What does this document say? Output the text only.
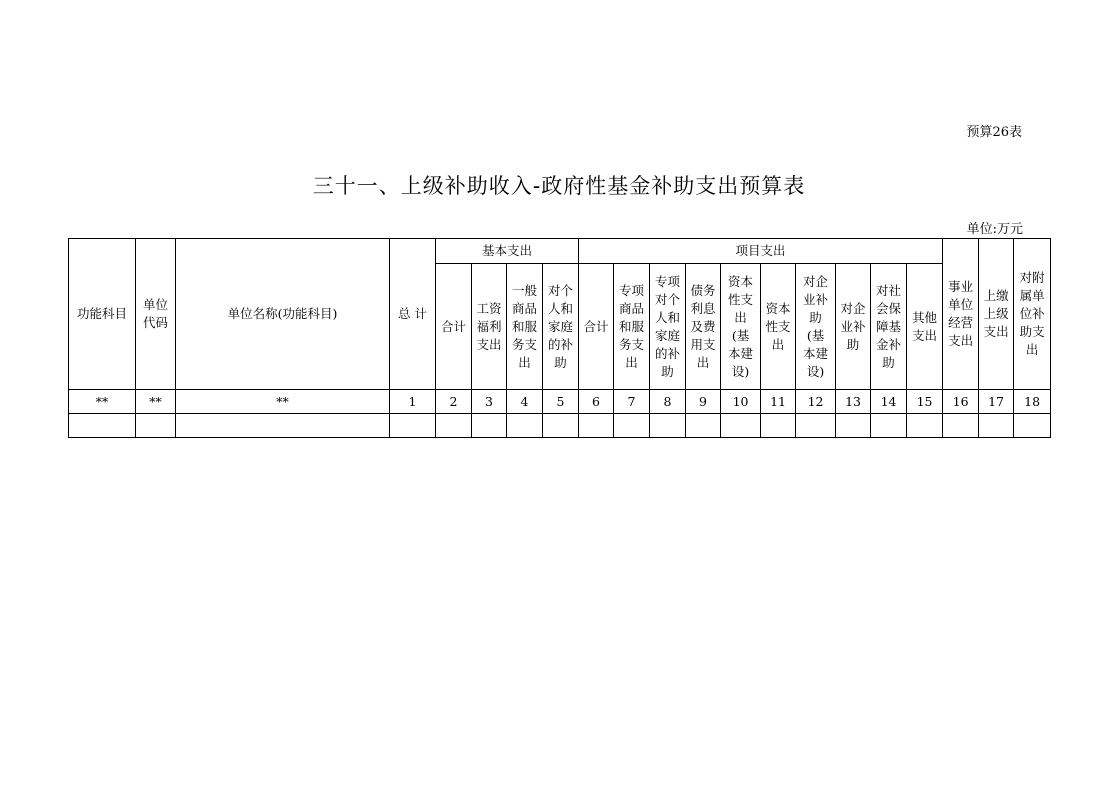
预算26表
三十一、上级补助收入-政府性基金补助支出预算表
单位:万元
功能科目	单位代码	单位名称(功能科目)	总 计	基本支出				项目支出										事业单位经营支出	上缴上级支出	对附属单位补助支出

				合计	工资福利支出	一般商品和服务支出	对个人和家庭的补助	合计	专项商品和服务支出	专项对个人和家庭的补助	债务利息及费用支出	资本性支出(基本建设)	资本性支出	对企业补助(基本建设)	对企业补助	对社会保障基金补助	其他支出			

**	**	**	1	2	3	4	5	6	7	8	9	10	11	12	13	14	15	16	17	18
